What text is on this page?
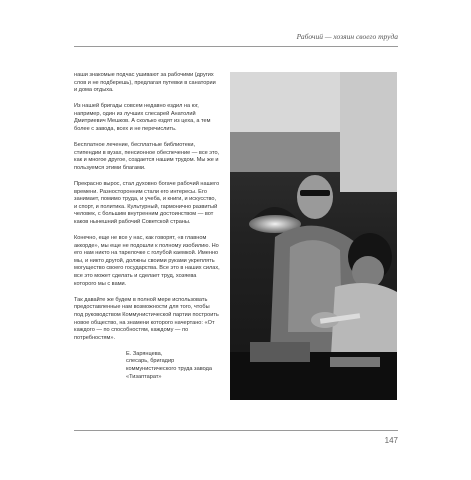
Рабочий — хозяин своего труда

наши знакомые подчас ушивают за рабочими (других слов и не подберешь), предлагая путевки в санатории и дома отдыха.

Из нашей бригады совсем недавно ездил на юг, например, один из лучших слесарей Анатолий Дмитриевич Мешков. А сколько ездят из цеха, а тем более с завода, всех и не перечислить.

Бесплатное лечение, бесплатные библиотеки, стипендии в вузах, пенсионное обеспечение — все это, как и многое другое, создается нашим трудом. Мы же и пользуемся этими благами.

Прекрасно вырос, стал духовно богаче рабочий нашего времени. Разносторонним стали его интересы. Его занимает, помимо труда, и учеба, и книги, и искусство, и спорт, и политика. Культурный, гармонично развитый человек, с большим внутренним достоинством — вот каков нынешний рабочий Советской страны.

Конечно, еще не все у нас, как говорят, «в главном аккорде», мы еще не подошли к полному изобилию. Но его нам никто на тарелочке с голубой каемкой. Именно мы, и никто другой, должны своими руками укреплять могущество своего государства. Все это в наших силах, все это может сделать и сделает труд, хозяева которого мы с вами.

Так давайте же будем в полной мере использовать предоставленные нам возможности для того, чтобы под руководством Коммунистической партии построить новое общество, на знамени которого начертано: «От каждого — по способностям, каждому — по потребностям».

Е. Зарянцева,
слесарь, бригадир коммунистического труда завода «Тизаптарат»
147
